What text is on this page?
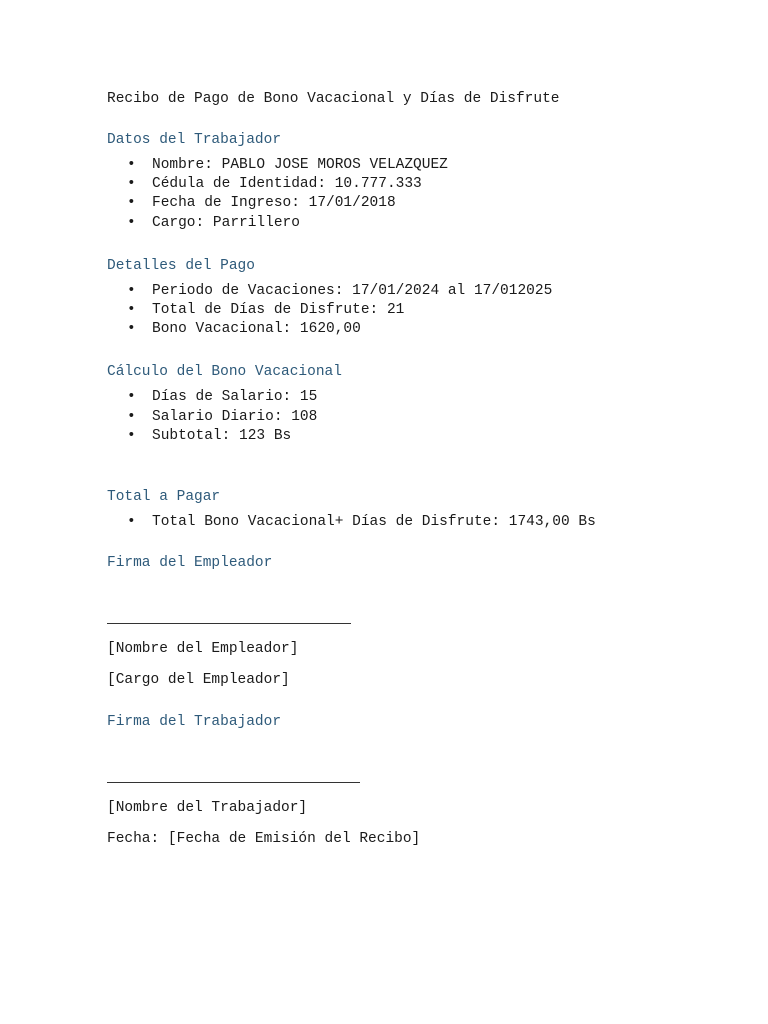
Recibo de Pago de Bono Vacacional y Días de Disfrute
Datos del Trabajador
• Nombre: PABLO JOSE MOROS VELAZQUEZ
• Cédula de Identidad: 10.777.333
• Fecha de Ingreso: 17/01/2018
• Cargo: Parrillero
Detalles del Pago
• Periodo de Vacaciones: 17/01/2024 al 17/012025
• Total de Días de Disfrute: 21
• Bono Vacacional: 1620,00
Cálculo del Bono Vacacional
• Días de Salario: 15
• Salario Diario: 108
• Subtotal: 123 Bs
Total a Pagar
• Total Bono Vacacional+ Días de Disfrute: 1743,00 Bs
Firma del Empleador
[Nombre del Empleador]
[Cargo del Empleador]
Firma del Trabajador
[Nombre del Trabajador]
Fecha: [Fecha de Emisión del Recibo]
